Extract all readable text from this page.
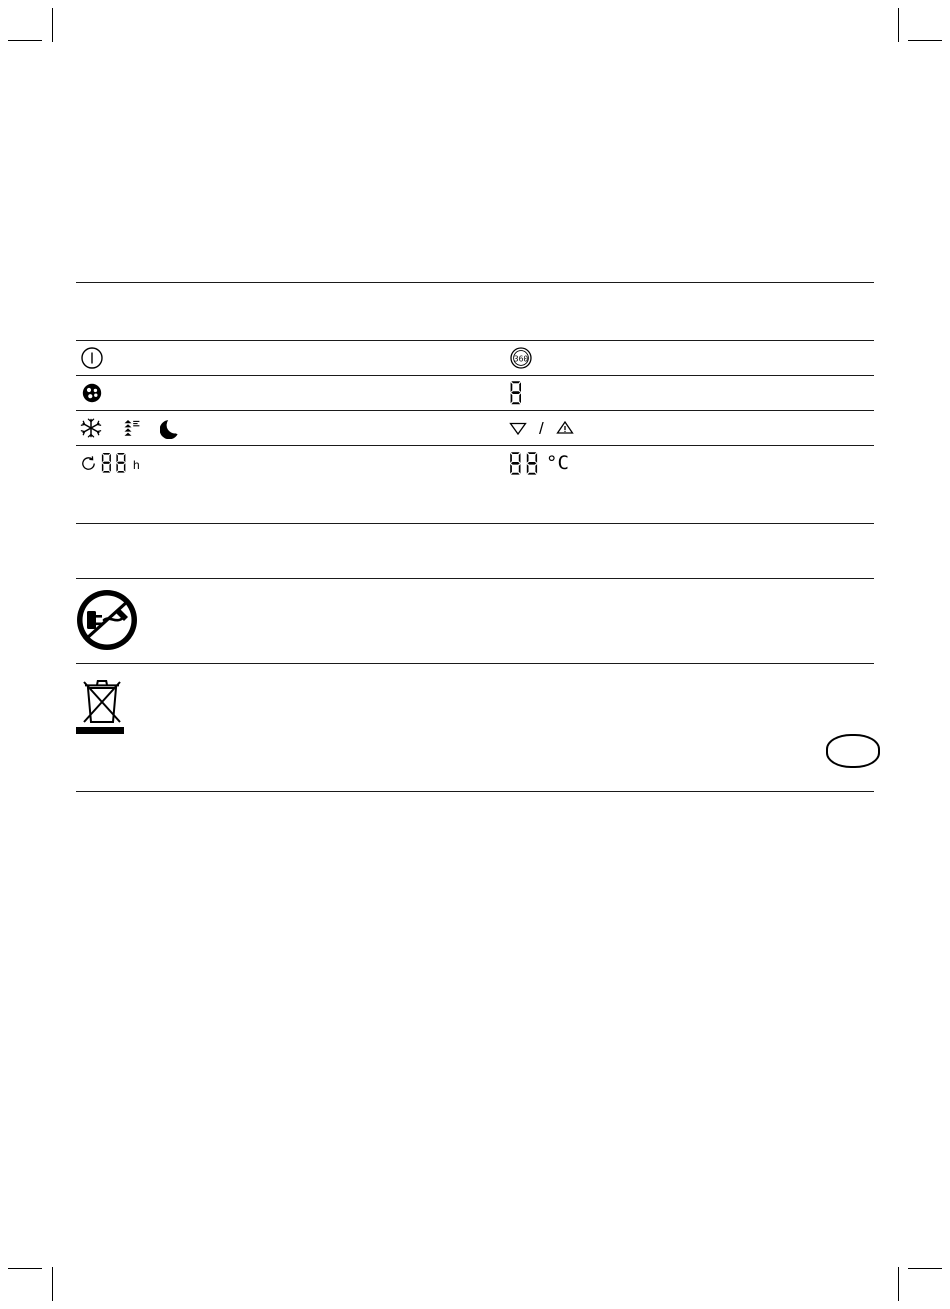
360
/
h	°C
